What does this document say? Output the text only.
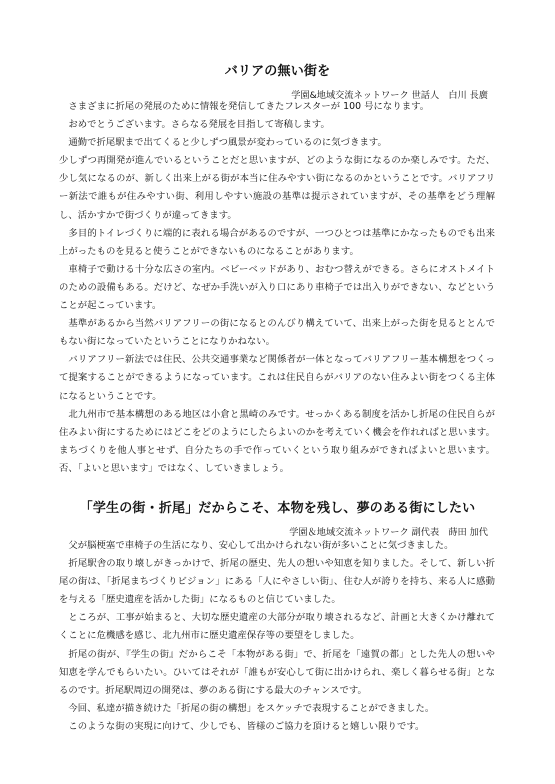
バリアの無い街を
学園&地域交流ネットワーク 世話人　白川 長廣

さまざまに折尾の発展のために情報を発信してきたフレスターが 100 号になります。

おめでとうございます。さらなる発展を目指して寄稿します。

通勤で折尾駅まで出てくると少しずつ風景が変わっているのに気づきます。

少しずつ再開発が進んでいるということだと思いますが、どのような街になるのか楽しみです。ただ、少し気になるのが、新しく出来上がる街が本当に住みやすい街になるのかということです。バリアフリー新法で誰もが住みやすい街、利用しやすい施設の基準は提示されていますが、その基準をどう理解し、活かすかで街づくりが違ってきます。

多目的トイレづくりに端的に表れる場合があるのですが、一つひとつは基準にかなったものでも出来上がったものを見ると使うことができないものになることがあります。

車椅子で動ける十分な広さの室内。ベビーベッドがあり、おむつ替えができる。さらにオストメイトのための設備もある。だけど、なぜか手洗いが入り口にあり車椅子では出入りができない、などということが起こっています。

基準があるから当然バリアフリーの街になるとのんびり構えていて、出来上がった街を見るととんでもない街になっていたということになりかねない。

バリアフリー新法では住民、公共交通事業など関係者が一体となってバリアフリー基本構想をつくって提案することができるようになっています。これは住民自らがバリアのない住みよい街をつくる主体になるということです。

北九州市で基本構想のある地区は小倉と黒崎のみです。せっかくある制度を活かし折尾の住民自らが住みよい街にするためにはどこをどのようにしたらよいのかを考えていく機会を作れればと思います。まちづくりを他人事とせず、自分たちの手で作っていくという取り組みができればよいと思います。否、「よいと思います」ではなく、していきましょう。

「学生の街・折尾」だからこそ、本物を残し、夢のある街にしたい
学園＆地域交流ネットワーク 副代表　蒔田 加代

父が脳梗塞で車椅子の生活になり、安心して出かけられない街が多いことに気づきました。

折尾駅舎の取り壊しがきっかけで、折尾の歴史、先人の想いや知恵を知りました。そして、新しい折尾の街は、「折尾まちづくりビジョン」にある「人にやさしい街」、住む人が誇りを持ち、来る人に感動を与える「歴史遺産を活かした街」になるものと信じていました。

ところが、工事が始まると、大切な歴史遺産の大部分が取り壊されるなど、計画と大きくかけ離れてくことに危機感を感じ、北九州市に歴史遺産保存等の要望をしました。

折尾の街が、『学生の街』だからこそ「本物がある街」で、折尾を「遠賀の都」とした先人の想いや知恵を学んでもらいたい。ひいてはそれが「誰もが安心して街に出かけられ、楽しく暮らせる街」となるのです。折尾駅周辺の開発は、夢のある街にする最大のチャンスです。

今回、私達が描き続けた「折尾の街の構想」をスケッチで表現することができました。

このような街の実現に向けて、少しでも、皆様のご協力を頂けると嬉しい限りです。
